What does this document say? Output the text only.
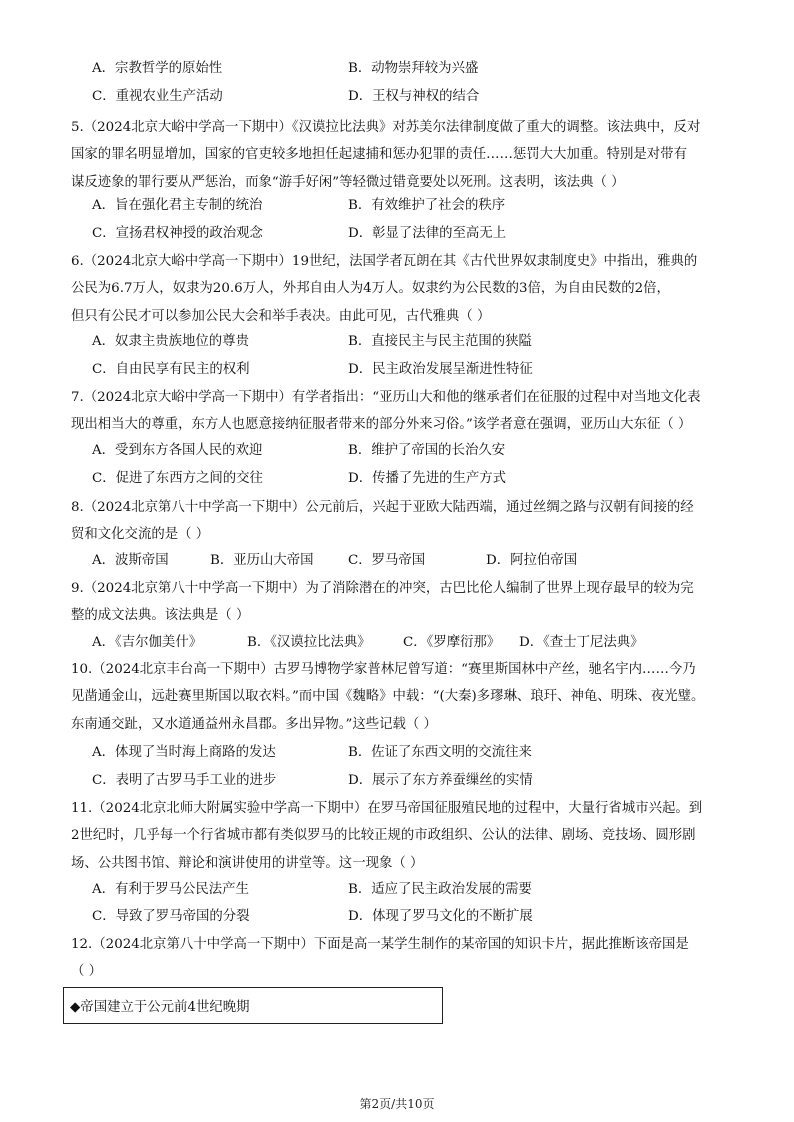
A．宗教哲学的原始性	B．动物崇拜较为兴盛
C．重视农业生产活动	D．王权与神权的结合
5.（2024北京大峪中学高一下期中）《汉谟拉比法典》对苏美尔法律制度做了重大的调整。该法典中，反对
国家的罪名明显增加，国家的官吏较多地担任起逮捕和惩办犯罪的责任……惩罚大大加重。特别是对带有
谋反迹象的罪行要从严惩治，而象“游手好闲”等轻微过错竟要处以死刑。这表明，该法典（ ）
A．旨在强化君主专制的统治	B．有效维护了社会的秩序
C．宣扬君权神授的政治观念	D．彰显了法律的至高无上
6.（2024北京大峪中学高一下期中）19世纪，法国学者瓦朗在其《古代世界奴隶制度史》中指出，雅典的
公民为6.7万人，奴隶为20.6万人，外邦自由人为4万人。奴隶约为公民数的3倍，为自由民数的2倍，
但只有公民才可以参加公民大会和举手表决。由此可见，古代雅典（ ）
A．奴隶主贵族地位的尊贵	B．直接民主与民主范围的狭隘
C．自由民享有民主的权利	D．民主政治发展呈渐进性特征
7.（2024北京大峪中学高一下期中）有学者指出：“亚历山大和他的继承者们在征服的过程中对当地文化表
现出相当大的尊重，东方人也愿意接纳征服者带来的部分外来习俗。”该学者意在强调，亚历山大东征（ ）
A．受到东方各国人民的欢迎	B．维护了帝国的长治久安
C．促进了东西方之间的交往	D．传播了先进的生产方式
8.（2024北京第八十中学高一下期中）公元前后，兴起于亚欧大陆西端，通过丝绸之路与汉朝有间接的经
贸和文化交流的是（ ）
A．波斯帝国	B．亚历山大帝国	C．罗马帝国	D．阿拉伯帝国
9.（2024北京第八十中学高一下期中）为了消除潜在的冲突，古巴比伦人编制了世界上现存最早的较为完
整的成文法典。该法典是（ ）
A．《吉尔伽美什》	B．《汉谟拉比法典》 C．《罗摩衍那》 D．《查士丁尼法典》
10.（2024北京丰台高一下期中）古罗马博物学家普林尼曾写道：“赛里斯国林中产丝，驰名宇内……今乃
见凿通金山，远赴赛里斯国以取衣料。”而中国《魏略》中载：“(大秦)多璆琳、琅玕、神龟、明珠、夜光璧。
东南通交趾，又水道通益州永昌郡。多出异物。”这些记载（ ）
A．体现了当时海上商路的发达	B．佐证了东西文明的交流往来
C．表明了古罗马手工业的进步	D．展示了东方养蚕缫丝的实情
11.（2024北京北师大附属实验中学高一下期中）在罗马帝国征服殖民地的过程中，大量行省城市兴起。到
2世纪时，几乎每一个行省城市都有类似罗马的比较正规的市政组织、公认的法律、剧场、竞技场、圆形剧
场、公共图书馆、辩论和演讲使用的讲堂等。这一现象（ ）
A．有利于罗马公民法产生	B．适应了民主政治发展的需要
C．导致了罗马帝国的分裂	D．体现了罗马文化的不断扩展
12.（2024北京第八十中学高一下期中）下面是高一某学生制作的某帝国的知识卡片，据此推断该帝国是
（ ）
◆帝国建立于公元前4世纪晚期
第2页/共10页
